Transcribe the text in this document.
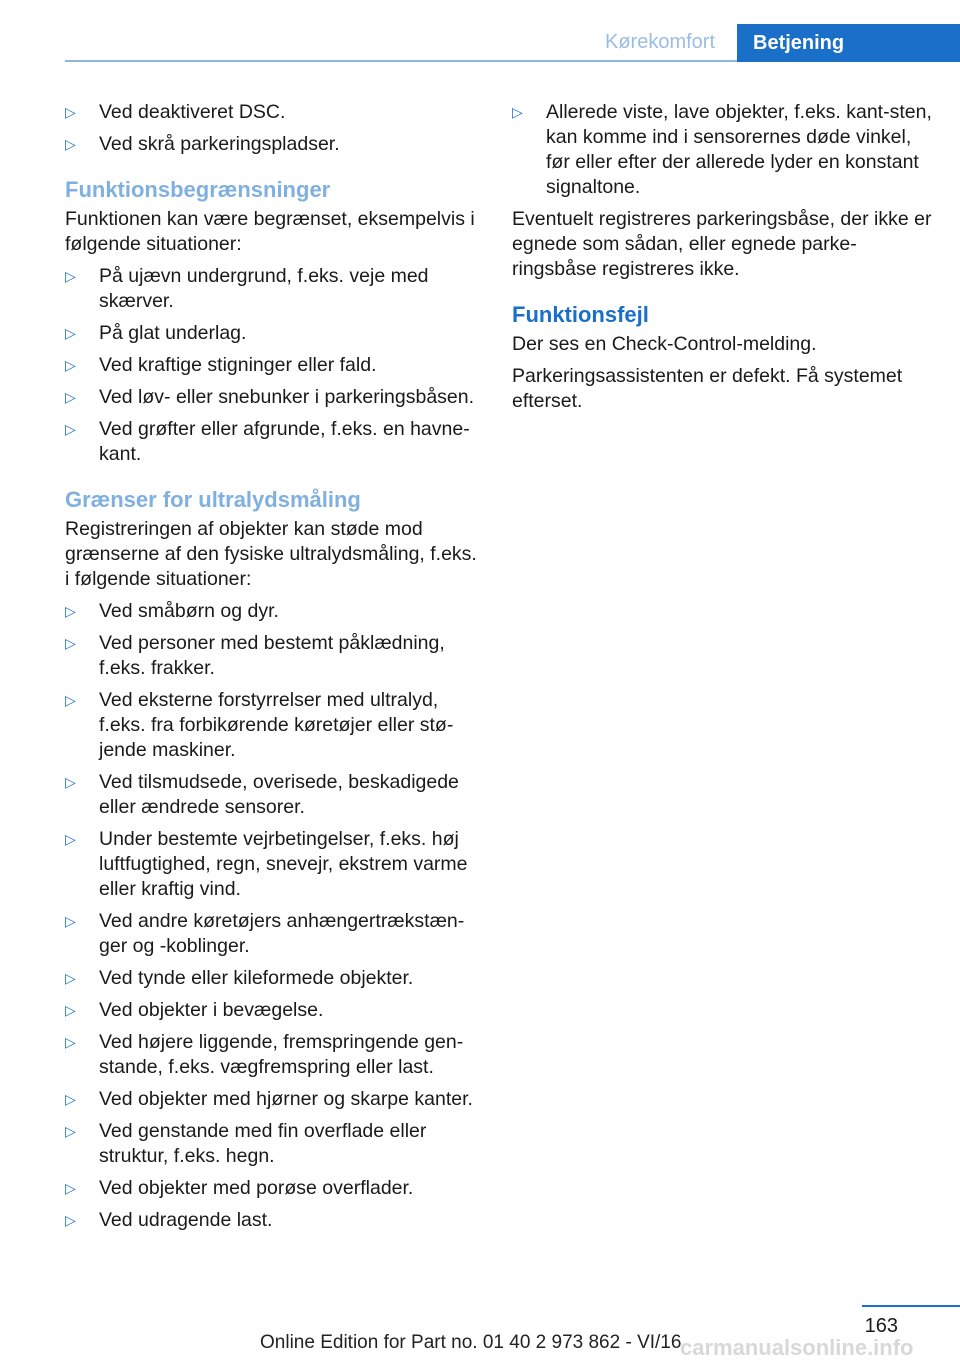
Kørekomfort	Betjening
▷ Ved deaktiveret DSC.
▷ Ved skrå parkeringspladser.
Funktionsbegrænsninger

Funktionen kan være begrænset, eksempelvis i følgende situationer:

▷ På ujævn undergrund, f.eks. veje med skærver.
▷ På glat underlag.
▷ Ved kraftige stigninger eller fald.
▷ Ved løv- eller snebunker i parkeringsbåsen.
▷ Ved grøfter eller afgrunde, f.eks. en havne‐kant.
Grænser for ultralydsmåling

Registreringen af objekter kan støde mod grænserne af den fysiske ultralydsmåling, f.eks. i følgende situationer:

▷ Ved småbørn og dyr.
▷ Ved personer med bestemt påklædning, f.eks. frakker.
▷ Ved eksterne forstyrrelser med ultralyd, f.eks. fra forbikørende køretøjer eller stø‐jende maskiner.
▷ Ved tilsmudsede, overisede, beskadigede eller ændrede sensorer.
▷ Under bestemte vejrbetingelser, f.eks. høj luftfugtighed, regn, snevejr, ekstrem varme eller kraftig vind.
▷ Ved andre køretøjers anhængertrækstæn‐ger og -koblinger.
▷ Ved tynde eller kileformede objekter.
▷ Ved objekter i bevægelse.
▷ Ved højere liggende, fremspringende gen‐stande, f.eks. vægfremspring eller last.
▷ Ved objekter med hjørner og skarpe kanter.
▷ Ved genstande med fin overflade eller struktur, f.eks. hegn.
▷ Ved objekter med porøse overflader.
▷ Ved udragende last.
▷ Allerede viste, lave objekter, f.eks. kant‐sten, kan komme ind i sensorernes døde vinkel, før eller efter der allerede lyder en konstant signaltone.

Eventuelt registreres parkeringsbåse, der ikke er egnede som sådan, eller egnede parke‐ringsbåse registreres ikke.

Funktionsfejl

Der ses en Check-Control-melding.

Parkeringsassistenten er defekt. Få systemet efterset.

163
Online Edition for Part no. 01 40 2 973 862 - VI/16
carmanualsonline.info
